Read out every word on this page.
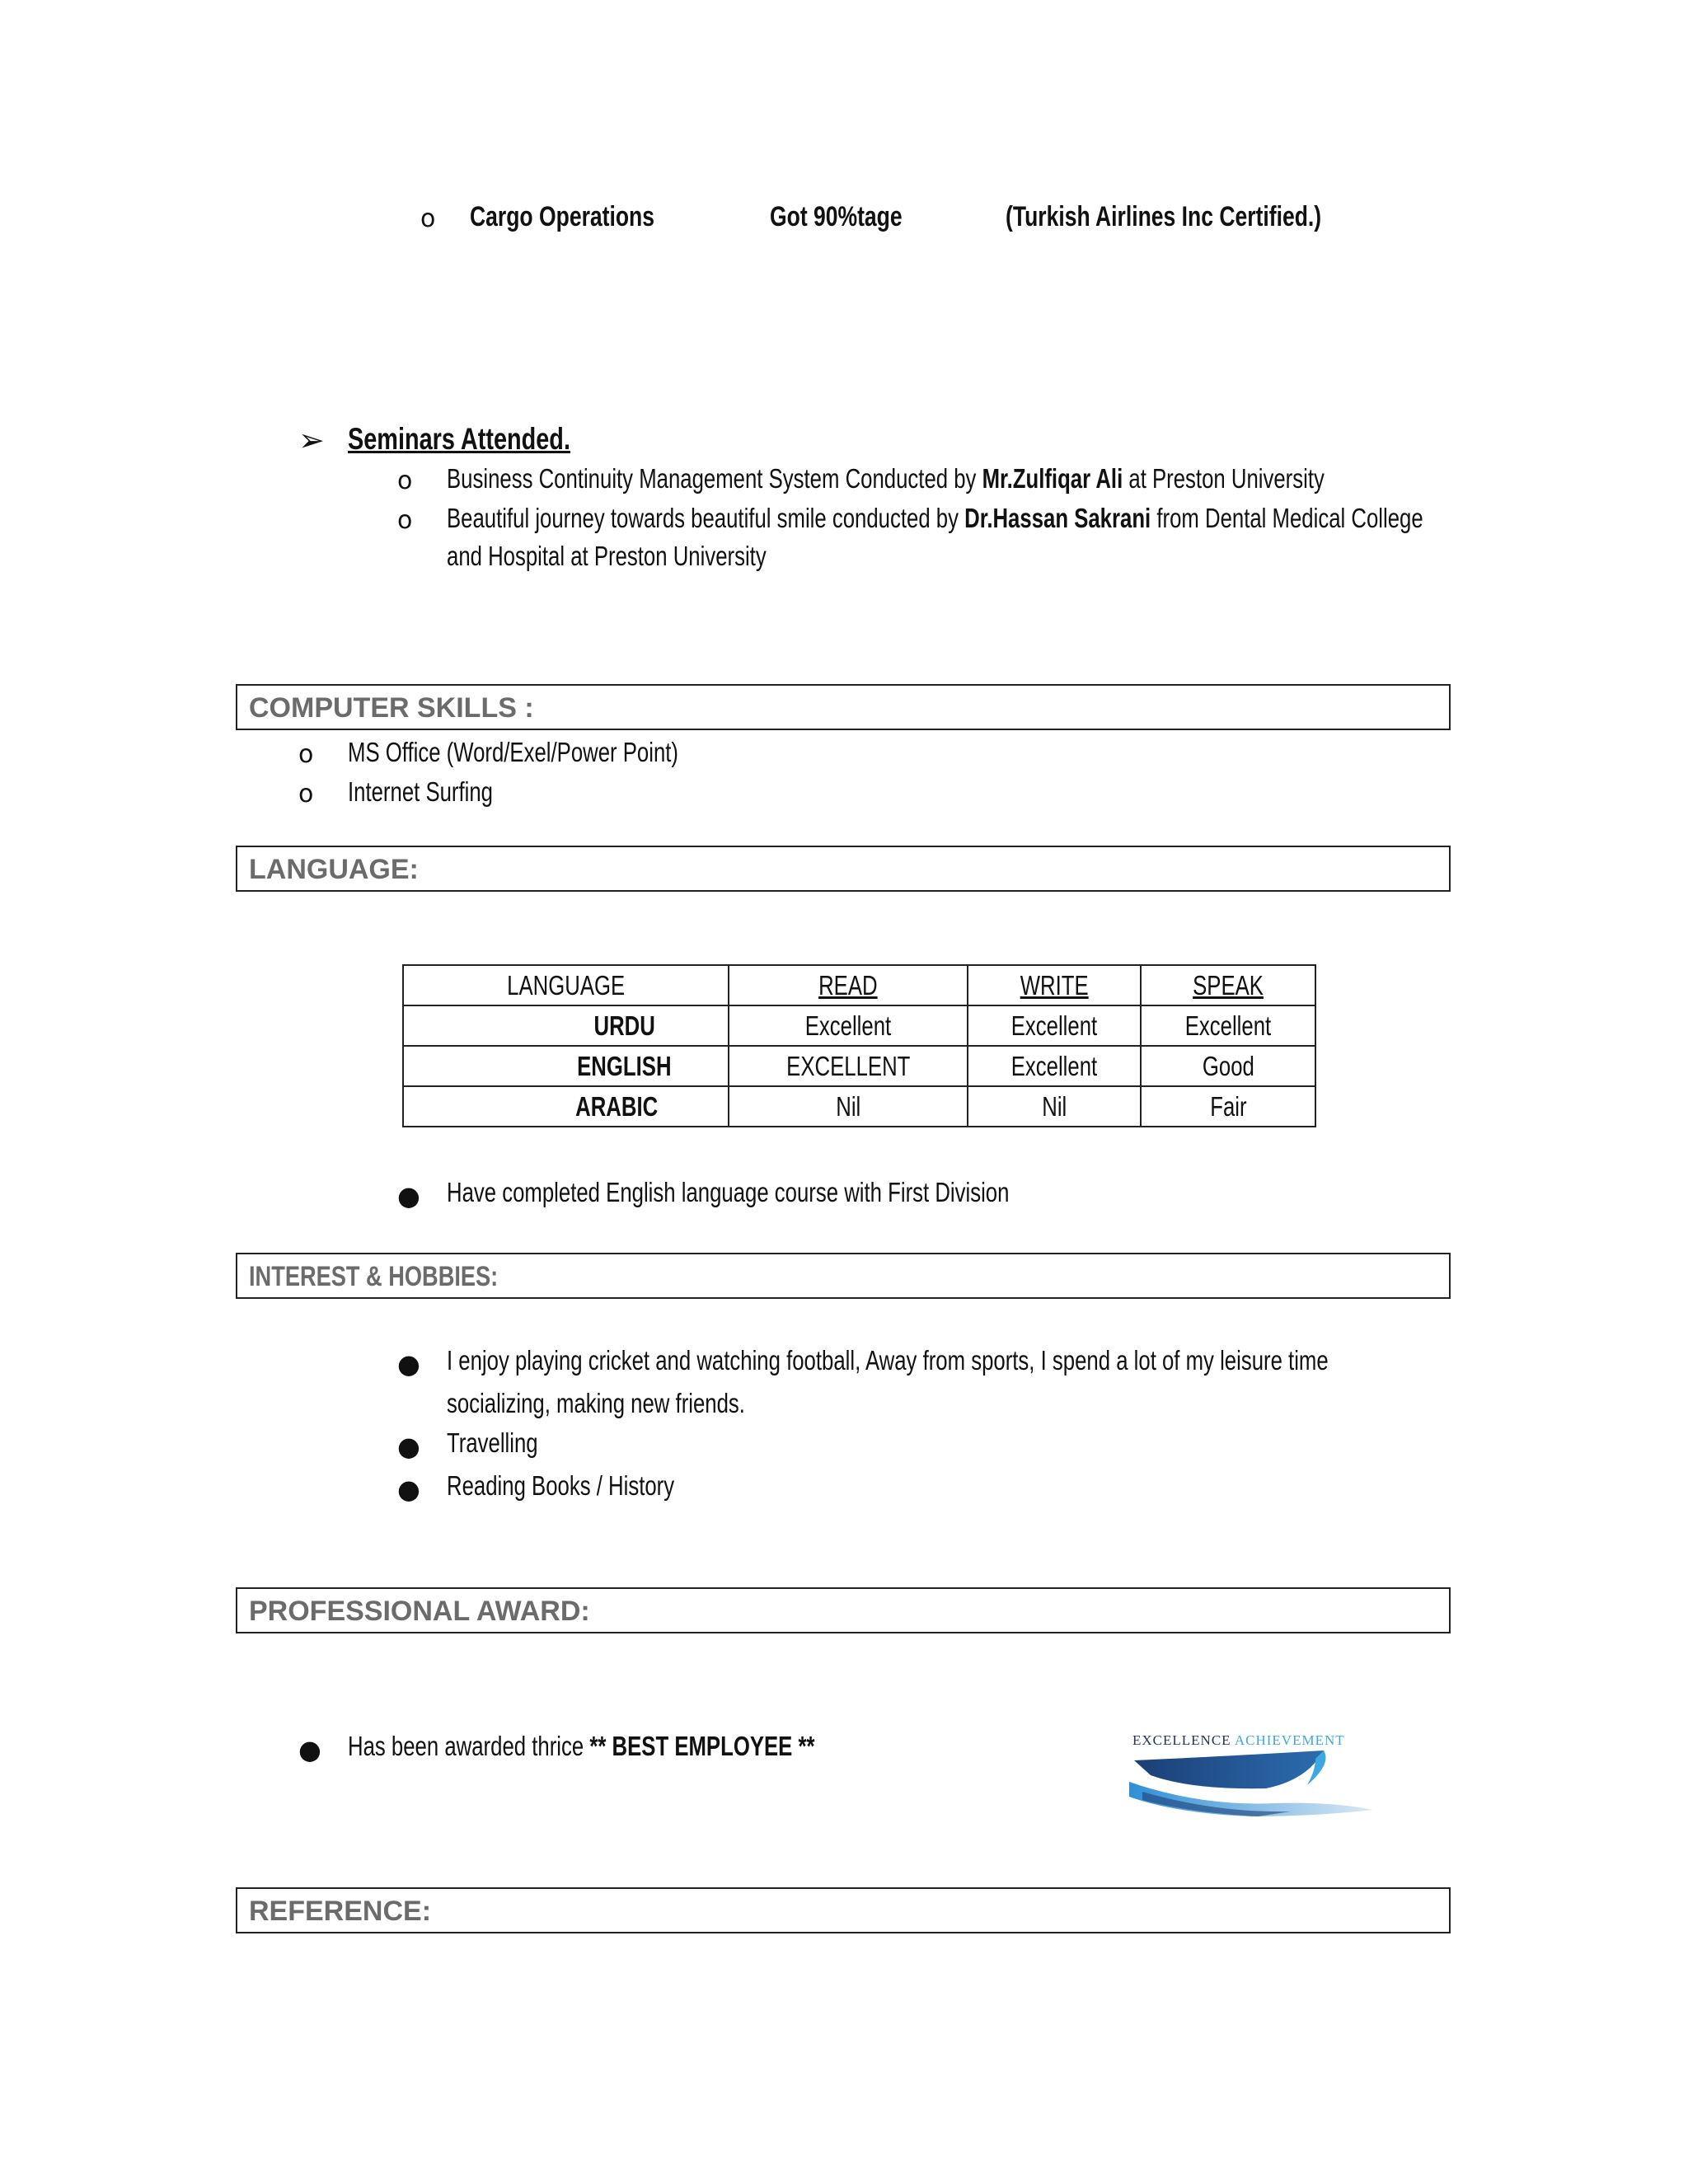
o Cargo Operations	Got 90%tage	(Turkish Airlines Inc Certified.)
➢ Seminars Attended.
o Business Continuity Management System Conducted by Mr.Zulfiqar Ali at Preston University
o Beautiful journey towards beautiful smile conducted by Dr.Hassan Sakrani from Dental Medical College
and Hospital at Preston University
COMPUTER SKILLS :
o MS Office (Word/Exel/Power Point)
o Internet Surfing
LANGUAGE:
LANGUAGE	READ	WRITE	SPEAK
URDU	Excellent	Excellent	Excellent
ENGLISH	EXCELLENT	Excellent	Good
ARABIC	Nil	Nil	Fair
● Have completed English language course with First Division
INTEREST & HOBBIES:
● I enjoy playing cricket and watching football, Away from sports, I spend a lot of my leisure time
socializing, making new friends.
● Travelling
● Reading Books / History
PROFESSIONAL AWARD:
● Has been awarded thrice ** BEST EMPLOYEE **	EXCELLENCE ACHIEVEMENT
REFERENCE:
